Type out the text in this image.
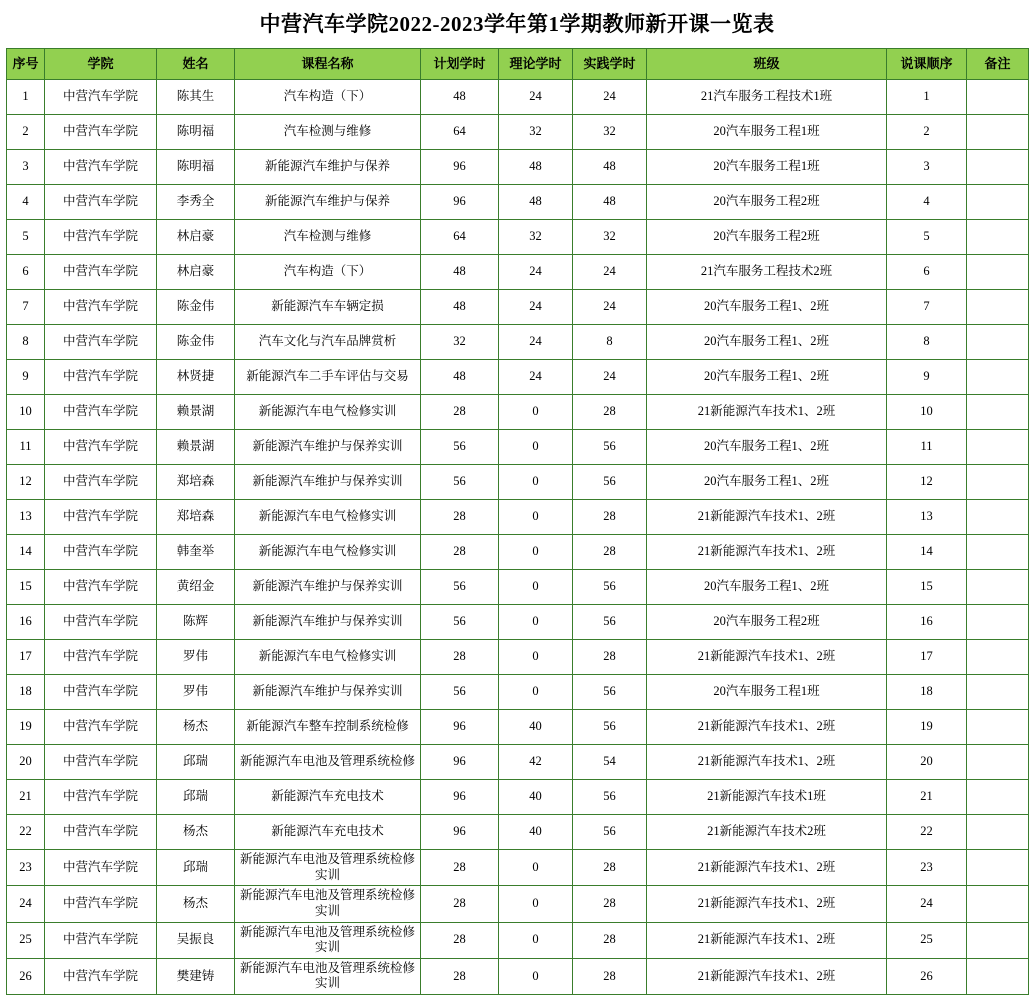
中营汽车学院2022-2023学年第1学期教师新开课一览表
序号	学院	姓名	课程名称	计划学时	理论学时	实践学时	班级	说课顺序	备注
1	中营汽车学院	陈其生	汽车构造（下）	48	24	24	21汽车服务工程技术1班	1	
2	中营汽车学院	陈明福	汽车检测与维修	64	32	32	20汽车服务工程1班	2	
3	中营汽车学院	陈明福	新能源汽车维护与保养	96	48	48	20汽车服务工程1班	3	
4	中营汽车学院	李秀全	新能源汽车维护与保养	96	48	48	20汽车服务工程2班	4	
5	中营汽车学院	林启豪	汽车检测与维修	64	32	32	20汽车服务工程2班	5	
6	中营汽车学院	林启豪	汽车构造（下）	48	24	24	21汽车服务工程技术2班	6	
7	中营汽车学院	陈金伟	新能源汽车车辆定损	48	24	24	20汽车服务工程1、2班	7	
8	中营汽车学院	陈金伟	汽车文化与汽车品牌赏析	32	24	8	20汽车服务工程1、2班	8	
9	中营汽车学院	林贤捷	新能源汽车二手车评估与交易	48	24	24	20汽车服务工程1、2班	9	
10	中营汽车学院	赖景湖	新能源汽车电气检修实训	28	0	28	21新能源汽车技术1、2班	10	
11	中营汽车学院	赖景湖	新能源汽车维护与保养实训	56	0	56	20汽车服务工程1、2班	11	
12	中营汽车学院	郑培森	新能源汽车维护与保养实训	56	0	56	20汽车服务工程1、2班	12	
13	中营汽车学院	郑培森	新能源汽车电气检修实训	28	0	28	21新能源汽车技术1、2班	13	
14	中营汽车学院	韩奎举	新能源汽车电气检修实训	28	0	28	21新能源汽车技术1、2班	14	
15	中营汽车学院	黄绍金	新能源汽车维护与保养实训	56	0	56	20汽车服务工程1、2班	15	
16	中营汽车学院	陈辉	新能源汽车维护与保养实训	56	0	56	20汽车服务工程2班	16	
17	中营汽车学院	罗伟	新能源汽车电气检修实训	28	0	28	21新能源汽车技术1、2班	17	
18	中营汽车学院	罗伟	新能源汽车维护与保养实训	56	0	56	20汽车服务工程1班	18	
19	中营汽车学院	杨杰	新能源汽车整车控制系统检修	96	40	56	21新能源汽车技术1、2班	19	
20	中营汽车学院	邱瑞	新能源汽车电池及管理系统检修	96	42	54	21新能源汽车技术1、2班	20	
21	中营汽车学院	邱瑞	新能源汽车充电技术	96	40	56	21新能源汽车技术1班	21	
22	中营汽车学院	杨杰	新能源汽车充电技术	96	40	56	21新能源汽车技术2班	22	
23	中营汽车学院	邱瑞	新能源汽车电池及管理系统检修实训	28	0	28	21新能源汽车技术1、2班	23	
24	中营汽车学院	杨杰	新能源汽车电池及管理系统检修实训	28	0	28	21新能源汽车技术1、2班	24	
25	中营汽车学院	吴振良	新能源汽车电池及管理系统检修实训	28	0	28	21新能源汽车技术1、2班	25	
26	中营汽车学院	樊建铸	新能源汽车电池及管理系统检修实训	28	0	28	21新能源汽车技术1、2班	26	
